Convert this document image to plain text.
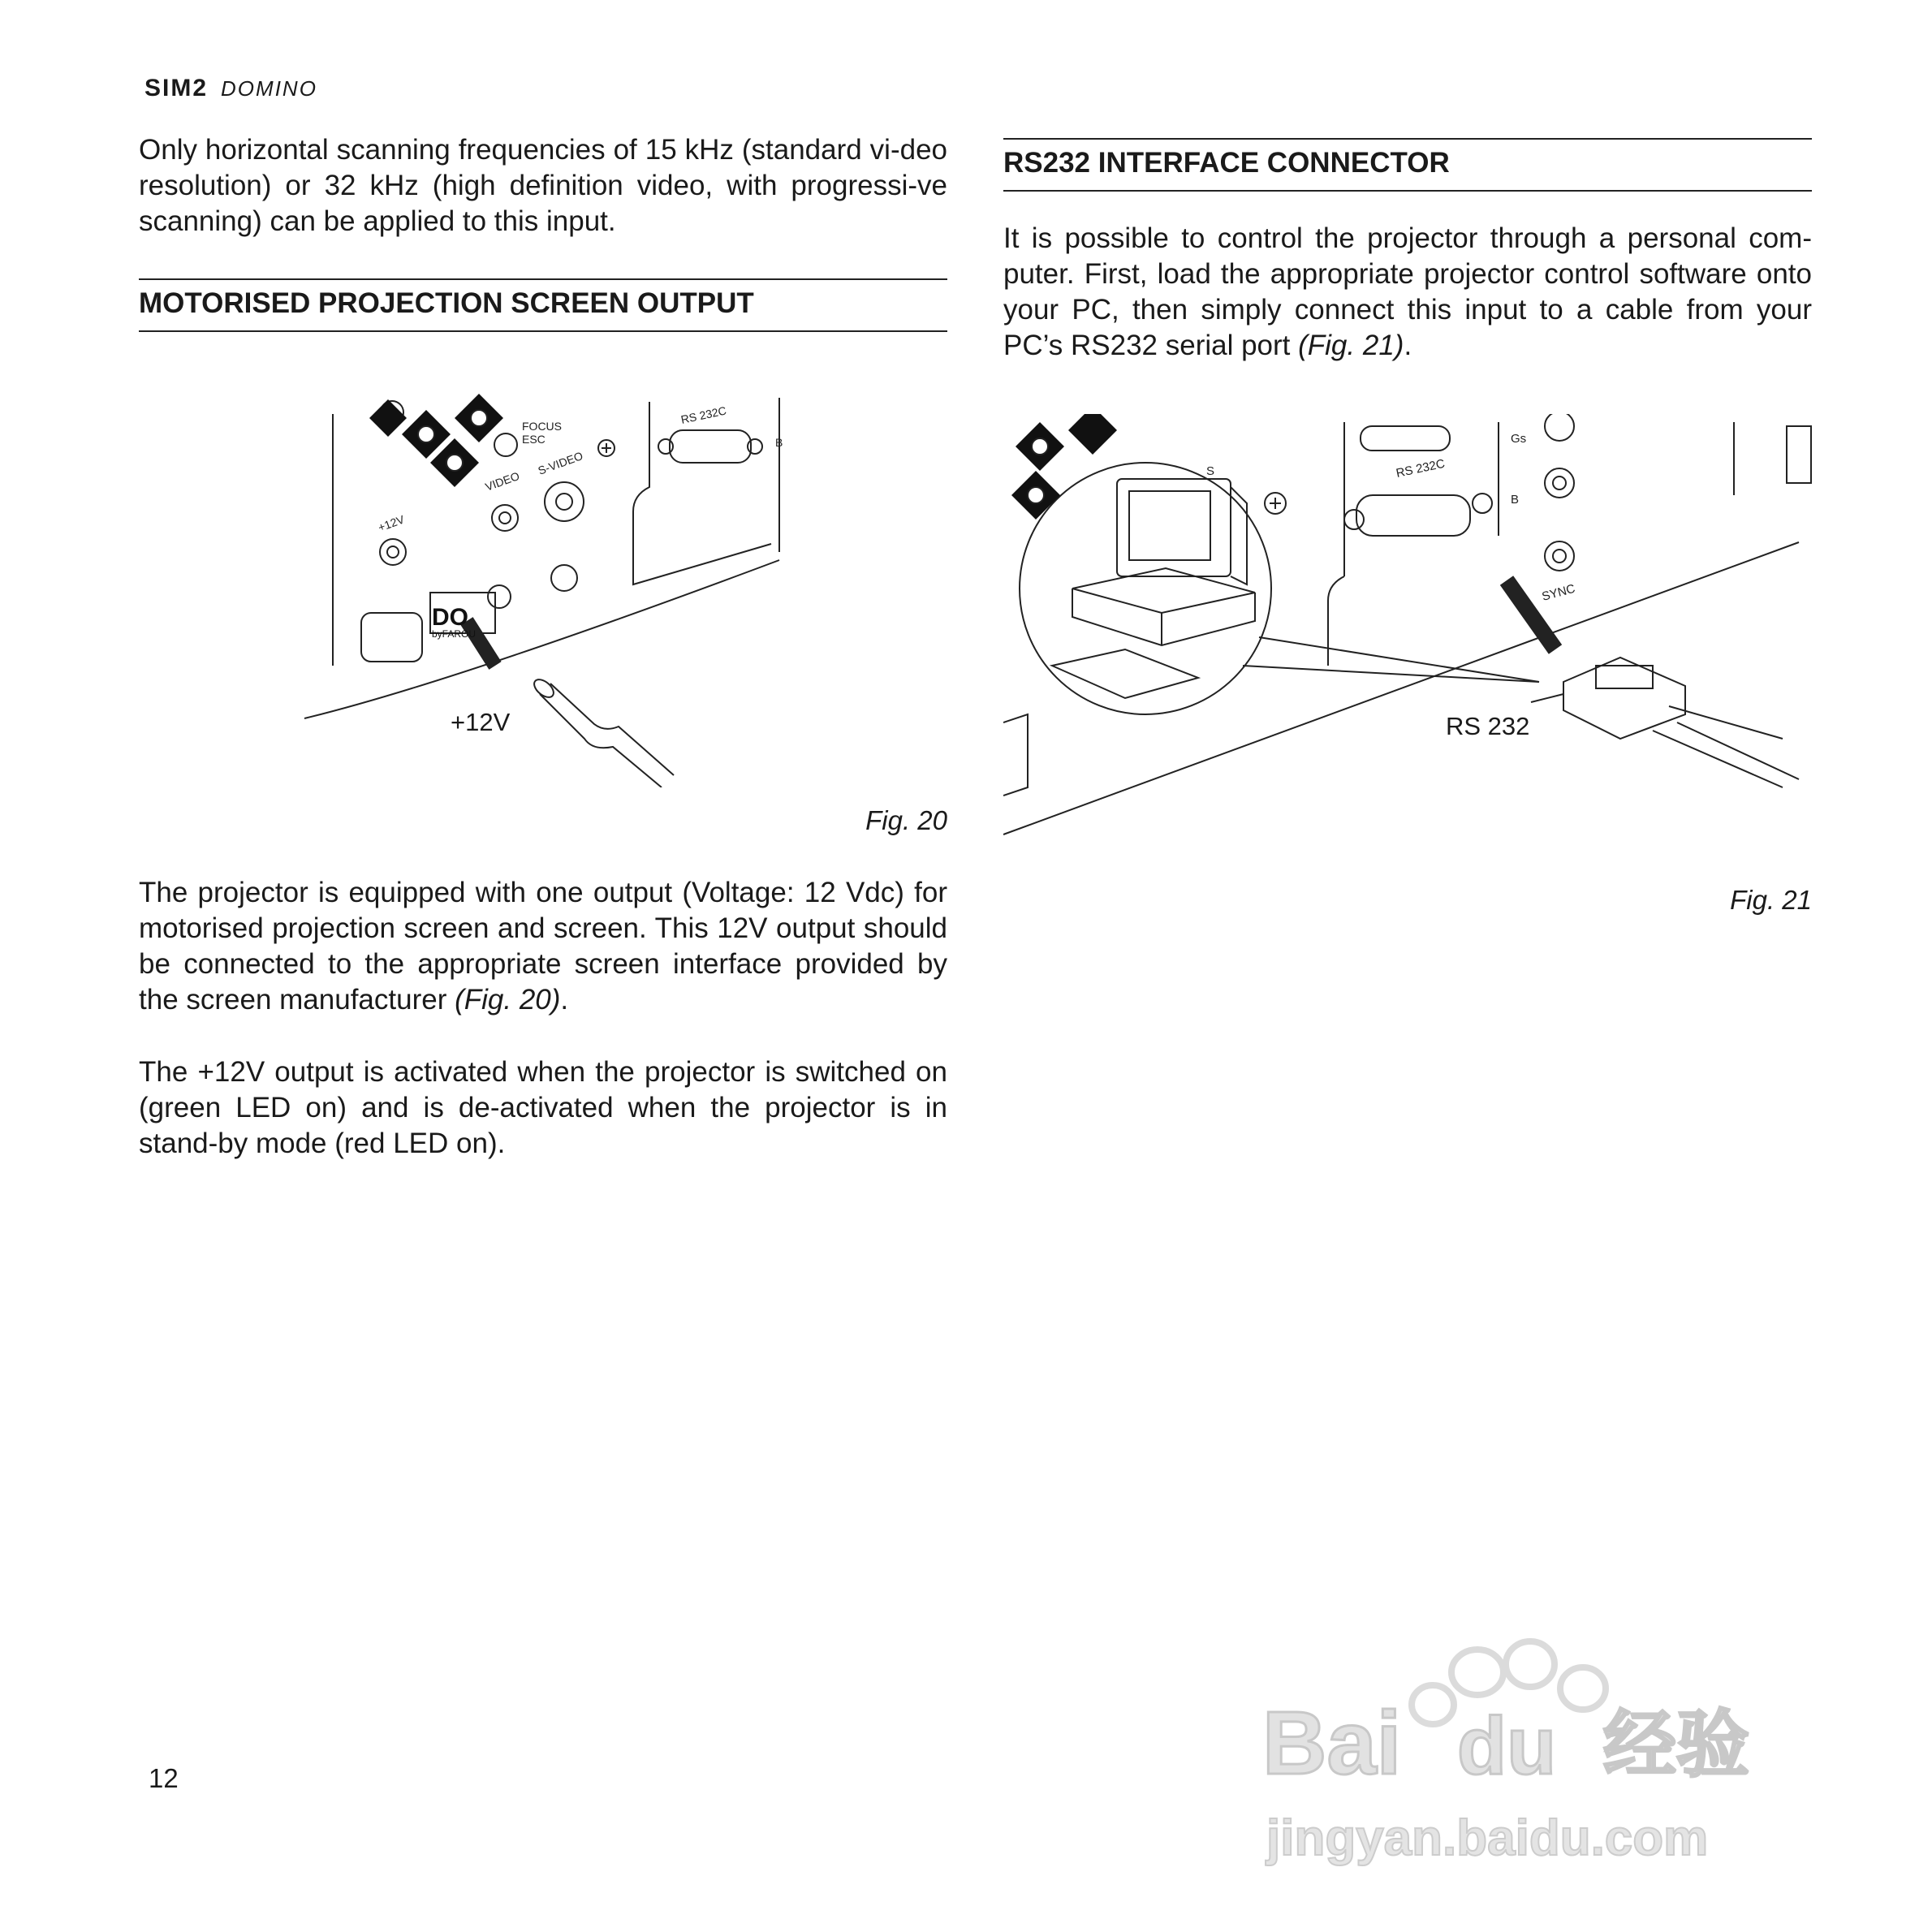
SIM2 DOMINO

Only horizontal scanning frequencies of 15 kHz (standard vi-deo resolution) or 32 kHz (high definition video, with progressi-ve scanning) can be applied to this input.

MOTORISED PROJECTION SCREEN OUTPUT
FOCUS
ESC
S-VIDEO
VIDEO
+12V
RS 232C
B
DO
byFAROU
+12V
Fig. 20

The projector is equipped with one output (Voltage: 12 Vdc) for motorised projection screen and screen. This 12V output should be connected to the appropriate screen interface provided by the screen manufacturer (Fig. 20).

The +12V output is activated when the projector is switched on (green LED on) and is de-activated when the projector is in stand-by mode (red LED on).

RS232 INTERFACE CONNECTOR

It is possible to control the projector through a personal com-puter. First, load the appropriate projector control software onto your PC, then simply connect this input to a cable from your PC’s RS232 serial port (Fig. 21).

RS 232C
B
Gs
SYNC
S
RS 232
Fig. 21
12	Bai du 经验
jingyan.baidu.com
